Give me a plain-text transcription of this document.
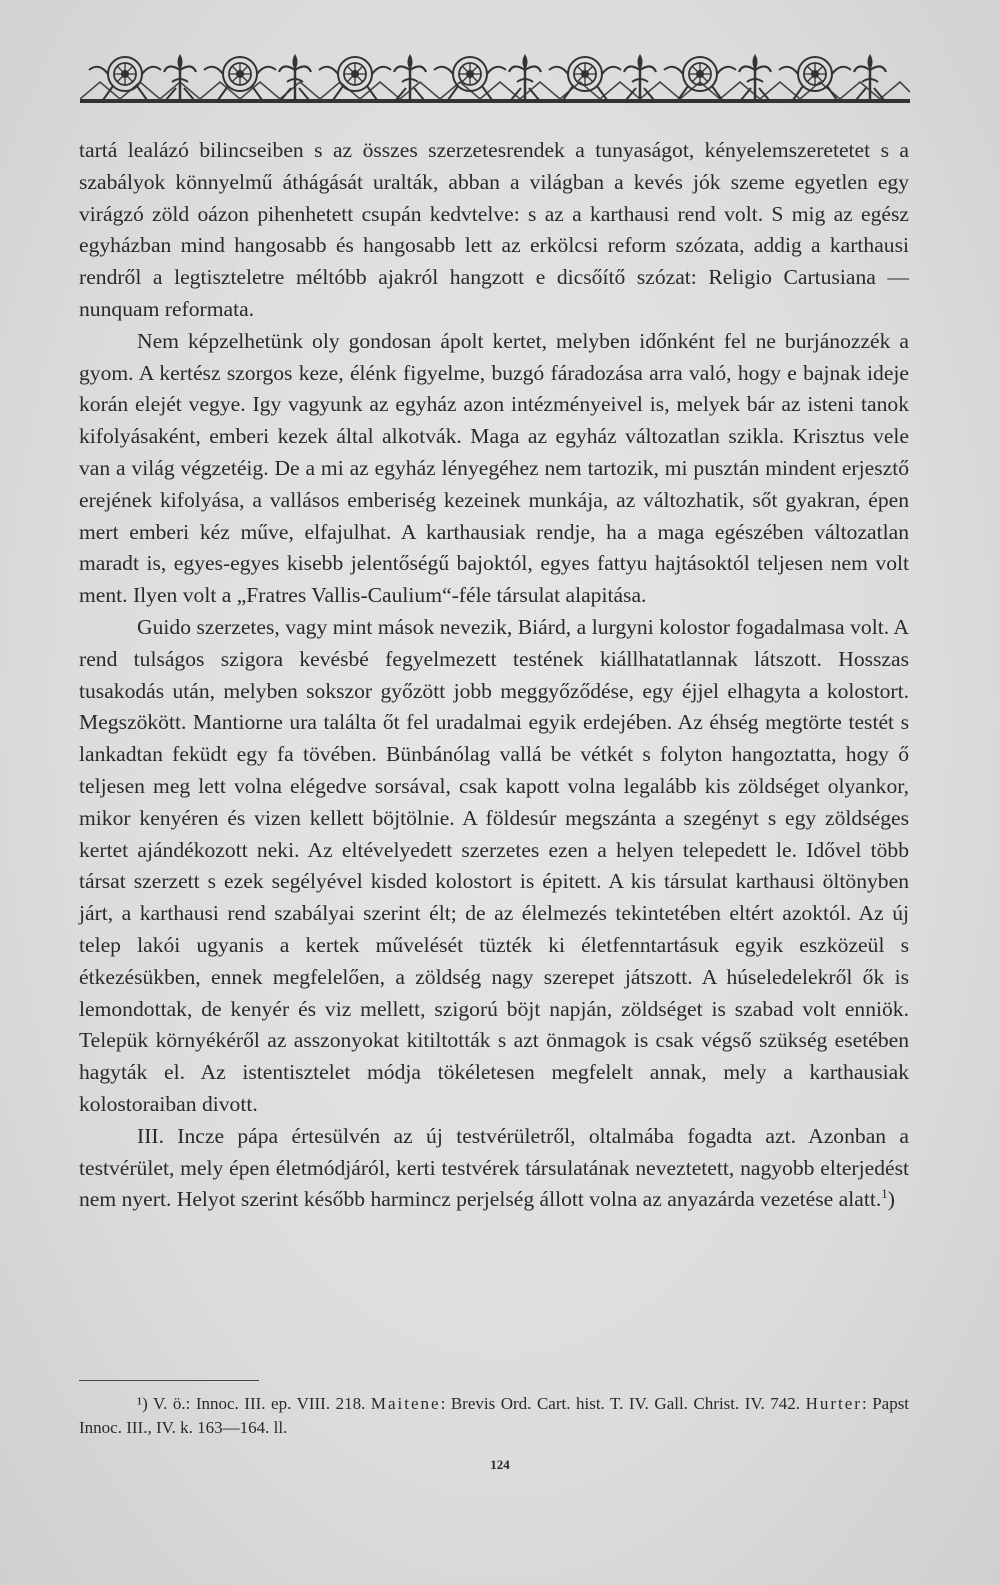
tartá lealázó bilincseiben s az összes szerzetesrendek a tunyaságot, kényelemszeretetet s a szabályok könnyelmű áthágását uralták, abban a világban a kevés jók szeme egyetlen egy virágzó zöld oázon pihenhetett csupán kedvtelve: s az a karthausi rend volt. S mig az egész egyházban mind hangosabb és hangosabb lett az erkölcsi reform szózata, addig a karthausi rendről a legtiszteletre méltóbb ajakról hangzott e dicsőítő szózat: Religio Cartusiana — nunquam reformata.

Nem képzelhetünk oly gondosan ápolt kertet, melyben időnként fel ne burjánozzék a gyom. A kertész szorgos keze, élénk figyelme, buzgó fáradozása arra való, hogy e bajnak ideje korán elejét vegye. Igy vagyunk az egyház azon intézményeivel is, melyek bár az isteni tanok kifolyásaként, emberi kezek által alkotvák. Maga az egyház változatlan szikla. Krisztus vele van a világ végzetéig. De a mi az egyház lényegéhez nem tartozik, mi pusztán mindent erjesztő erejének kifolyása, a vallásos emberiség kezeinek munkája, az változhatik, sőt gyakran, épen mert emberi kéz műve, elfajulhat. A karthausiak rendje, ha a maga egészében változatlan maradt is, egyes-egyes kisebb jelentőségű bajoktól, egyes fattyu hajtásoktól teljesen nem volt ment. Ilyen volt a „Fratres Vallis-Caulium“-féle társulat alapitása.

Guido szerzetes, vagy mint mások nevezik, Biárd, a lurgyni kolostor fogadalmasa volt. A rend tulságos szigora kevésbé fegyelmezett testének kiállhatatlannak látszott. Hosszas tusakodás után, melyben sokszor győzött jobb meggyőződése, egy éjjel elhagyta a kolostort. Megszökött. Mantiorne ura találta őt fel uradalmai egyik erdejében. Az éhség megtörte testét s lankadtan feküdt egy fa tövében. Bünbánólag vallá be vétkét s folyton hangoztatta, hogy ő teljesen meg lett volna elégedve sorsával, csak kapott volna legalább kis zöldséget olyankor, mikor kenyéren és vizen kellett böjtölnie. A földesúr megszánta a szegényt s egy zöldséges kertet ajándékozott neki. Az eltévelyedett szerzetes ezen a helyen telepedett le. Idővel több társat szerzett s ezek segélyével kisded kolostort is épitett. A kis társulat karthausi öltönyben járt, a karthausi rend szabályai szerint élt; de az élelmezés tekintetében eltért azoktól. Az új telep lakói ugyanis a kertek művelését tüzték ki életfenntartásuk egyik eszközeül s étkezésükben, ennek megfelelően, a zöldség nagy szerepet játszott. A húseledelekről ők is lemondottak, de kenyér és viz mellett, szigorú böjt napján, zöldséget is szabad volt enniök. Telepük környékéről az asszonyokat kitiltották s azt önmagok is csak végső szükség esetében hagyták el. Az istentisztelet módja tökéletesen megfelelt annak, mely a karthausiak kolostoraiban divott.

III. Incze pápa értesülvén az új testvérületről, oltalmába fogadta azt. Azonban a testvérület, mely épen életmódjáról, kerti testvérek társulatának neveztetett, nagyobb elterjedést nem nyert. Helyot szerint később harmincz perjelség állott volna az anyazárda vezetése alatt.$^1$)

¹) V. ö.: Innoc. III. ep. VIII. 218. Maitene: Brevis Ord. Cart. hist. T. IV. Gall. Christ. IV. 742. Hurter: Papst Innoc. III., IV. k. 163—164. ll.
124
